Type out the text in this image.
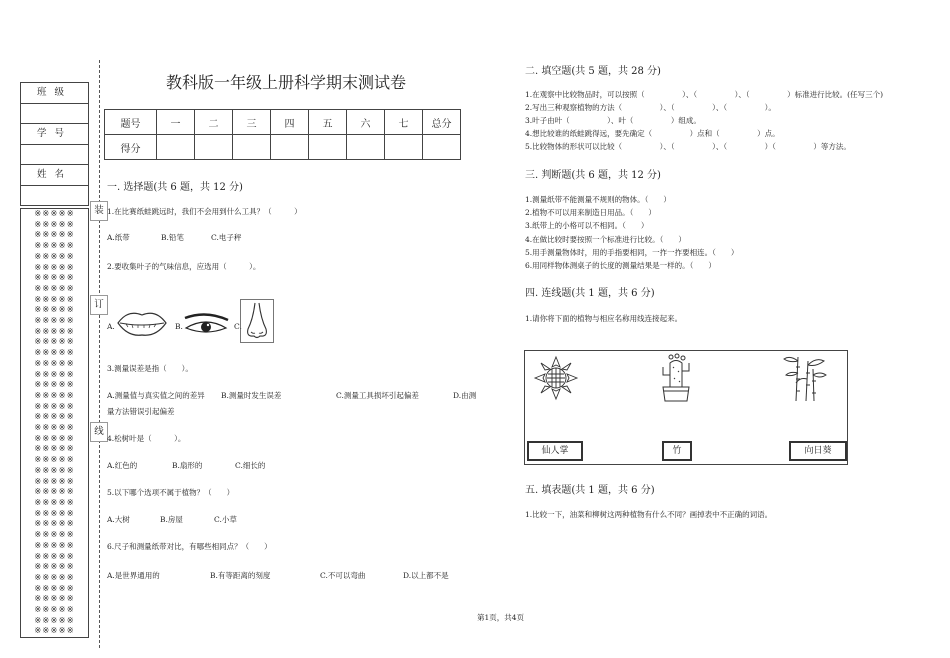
班级
学号
姓名
※※※※※
※※※※※
※※※※※
※※※※※
※※※※※
※※※※※
※※※※※
※※※※※
※※※※※
※※※※※
※※※※※
※※※※※
※※※※※
※※※※※
※※※※※
※※※※※
※※※※※
※※※※※
※※※※※
※※※※※
※※※※※
※※※※※
※※※※※
※※※※※
※※※※※
※※※※※
※※※※※
※※※※※
※※※※※
※※※※※
※※※※※
※※※※※
※※※※※
※※※※※
※※※※※
※※※※※
※※※※※
※※※※※
※※※※※
※※※※※
装
订
线
教科版一年级上册科学期末测试卷
题号	一	二	三	四	五	六	七	总分
得分								
一. 选择题(共 6 题，共 12 分)
1.在比赛纸蛙跳远时，我们不会用到什么工具？（　　　）
A.纸带	B.铅笔	C.电子秤
2.要收集叶子的气味信息，应选用（　　　）。
A.	B.	C.
3.测量误差是指（　　）。
A.测量值与真实值之间的差异 B.测量时发生误差	C.测量工具损坏引起偏差	D.由测
量方法错误引起偏差
4.松树叶是（　　　）。
A.红色的	B.扇形的	C.细长的
5.以下哪个选项不属于植物？（　　）
A.大树	B.房屋	C.小草
6.尺子和测量纸带对比，有哪些相同点？（　　）
A.是世界通用的	B.有等距离的刻度	C.不可以弯曲	D.以上都不是
二. 填空题(共 5 题，共 28 分)
1.在观察中比较物品时，可以按照（　　　　　）、（　　　　　）、（　　　　　）标准进行比较。(任写三个)
2.写出三种观察植物的方法（　　　　　）、（　　　　　）、（　　　　　）。
3.叶子由叶（　　　　　）、叶（　　　　　）组成。
4.想比较谁的纸蛙跳得远，要先确定（　　　　　）点和（　　　　　）点。
5.比较物体的形状可以比较（　　　　　）、（　　　　　）、（　　　　　）（　　　　　）等方法。
三. 判断题(共 6 题，共 12 分)
1.测量纸带不能测量不规则的物体。（　　）
2.植物不可以用来制造日用品。（　　）
3.纸带上的小格可以不相同。（　　）
4.在做比较时要按照一个标准进行比较。（　　）
5.用手测量物体时，用的手指要相同，一拃一拃要相连。（　　）
6.用同样物体测桌子的长度的测量结果是一样的。（　　）
四. 连线题(共 1 题，共 6 分)
1.请你将下面的植物与相应名称用线连接起来。
仙人掌	竹	向日葵
五. 填表题(共 1 题，共 6 分)
1.比较一下，油菜和柳树这两种植物有什么不同？画掉表中不正确的词语。
第1页，共4页
